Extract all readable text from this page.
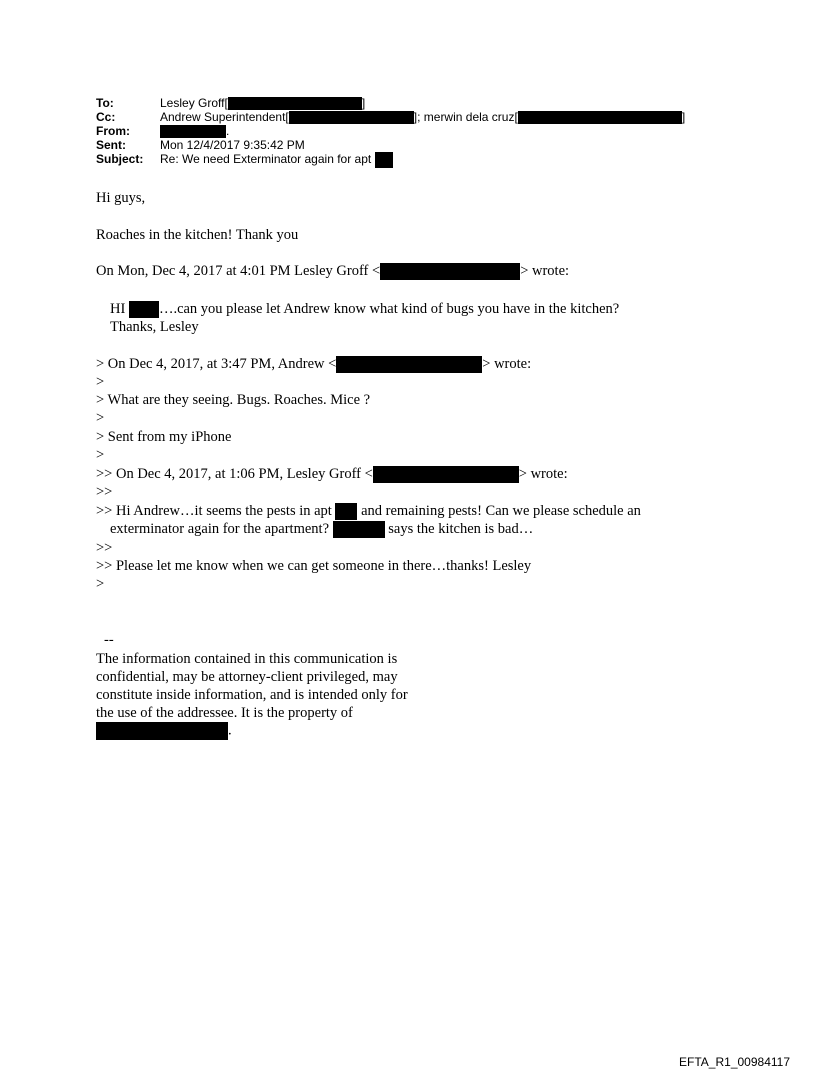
To:	Lesley Groff[	]
Cc:	Andrew Superintendent[	]; merwin dela cruz[	]
From:	.
Sent:	Mon 12/4/2017 9:35:42 PM
Subject: Re: We need Exterminator again for apt
Hi guys,
Roaches in the kitchen! Thank you
On Mon, Dec 4, 2017 at 4:01 PM Lesley Groff <	> wrote:
HI ….can you please let Andrew know what kind of bugs you have in the kitchen?
Thanks, Lesley
> On Dec 4, 2017, at 3:47 PM, Andrew <	> wrote:
>
> What are they seeing. Bugs. Roaches. Mice ?
>
> Sent from my iPhone
>
>> On Dec 4, 2017, at 1:06 PM, Lesley Groff <	> wrote:
>>
>> Hi Andrew…it seems the pests in apt and remaining pests! Can we please schedule an
exterminator again for the apartment?	says the kitchen is bad…
>>
>> Please let me know when we can get someone in there…thanks! Lesley
>
--
The information contained in this communication is
confidential, may be attorney-client privileged, may
constitute inside information, and is intended only for
the use of the addressee. It is the property of
.
EFTA_R1_00984117
